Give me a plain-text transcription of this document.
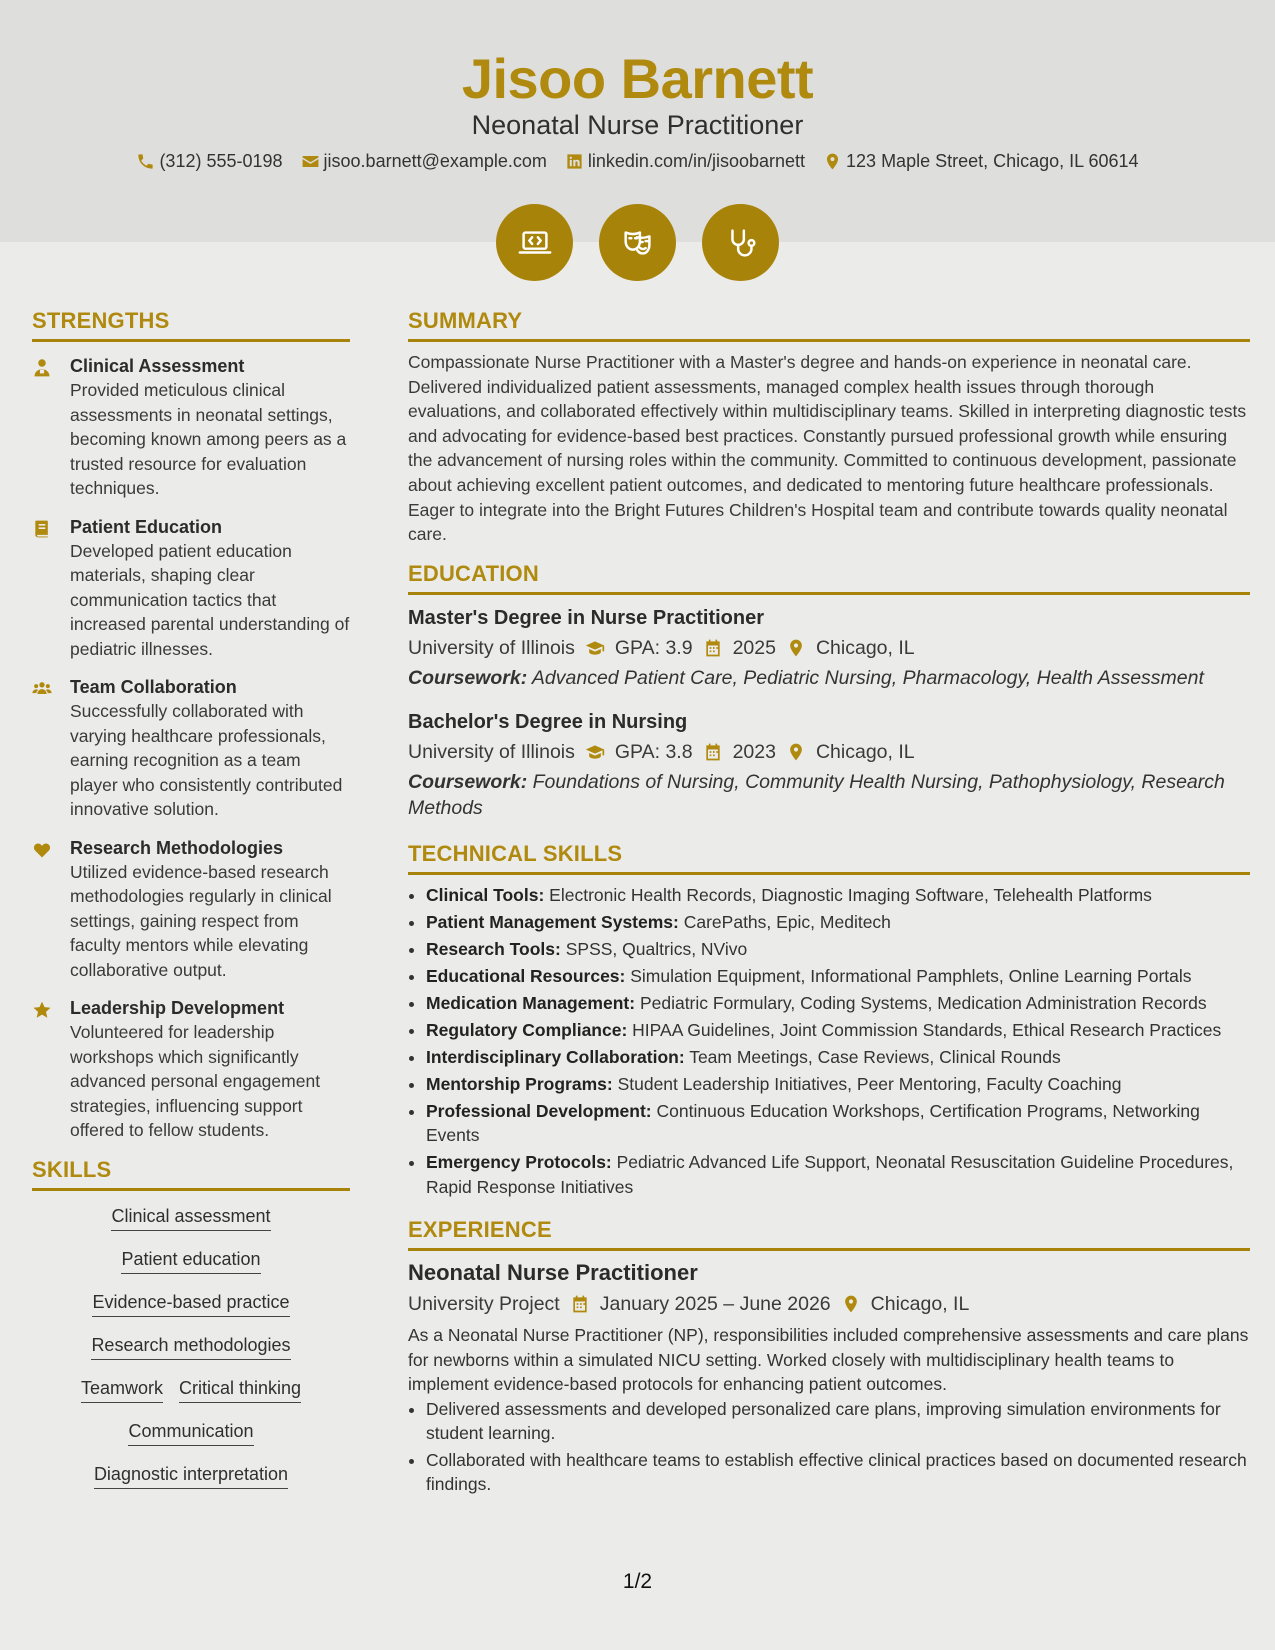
Jisoo Barnett
Neonatal Nurse Practitioner
(312) 555-0198 jisoo.barnett@example.com linkedin.com/in/jisoobarnett 123 Maple Street, Chicago, IL 60614
STRENGTHS
Clinical Assessment
Provided meticulous clinical assessments in neonatal settings, becoming known among peers as a trusted resource for evaluation techniques.
Patient Education
Developed patient education materials, shaping clear communication tactics that increased parental understanding of pediatric illnesses.
Team Collaboration
Successfully collaborated with varying healthcare professionals, earning recognition as a team player who consistently contributed innovative solution.
Research Methodologies
Utilized evidence-based research methodologies regularly in clinical settings, gaining respect from faculty mentors while elevating collaborative output.
Leadership Development
Volunteered for leadership workshops which significantly advanced personal engagement strategies, influencing support offered to fellow students.
SKILLS
Clinical assessment
Patient education
Evidence-based practice
Research methodologies
Teamwork Critical thinking
Communication
Diagnostic interpretation
SUMMARY
Compassionate Nurse Practitioner with a Master's degree and hands-on experience in neonatal care. Delivered individualized patient assessments, managed complex health issues through thorough evaluations, and collaborated effectively within multidisciplinary teams. Skilled in interpreting diagnostic tests and advocating for evidence-based best practices. Constantly pursued professional growth while ensuring the advancement of nursing roles within the community. Committed to continuous development, passionate about achieving excellent patient outcomes, and dedicated to mentoring future healthcare professionals. Eager to integrate into the Bright Futures Children's Hospital team and contribute towards quality neonatal care.
EDUCATION
Master's Degree in Nurse Practitioner
University of Illinois GPA: 3.9 2025 Chicago, IL
Coursework: Advanced Patient Care, Pediatric Nursing, Pharmacology, Health Assessment
Bachelor's Degree in Nursing
University of Illinois GPA: 3.8 2023 Chicago, IL
Coursework: Foundations of Nursing, Community Health Nursing, Pathophysiology, Research Methods
TECHNICAL SKILLS
• Clinical Tools: Electronic Health Records, Diagnostic Imaging Software, Telehealth Platforms
• Patient Management Systems: CarePaths, Epic, Meditech
• Research Tools: SPSS, Qualtrics, NVivo
• Educational Resources: Simulation Equipment, Informational Pamphlets, Online Learning Portals
• Medication Management: Pediatric Formulary, Coding Systems, Medication Administration Records
• Regulatory Compliance: HIPAA Guidelines, Joint Commission Standards, Ethical Research Practices
• Interdisciplinary Collaboration: Team Meetings, Case Reviews, Clinical Rounds
• Mentorship Programs: Student Leadership Initiatives, Peer Mentoring, Faculty Coaching
• Professional Development: Continuous Education Workshops, Certification Programs, Networking Events
• Emergency Protocols: Pediatric Advanced Life Support, Neonatal Resuscitation Guideline Procedures, Rapid Response Initiatives
EXPERIENCE
Neonatal Nurse Practitioner
University Project January 2025 – June 2026 Chicago, IL
As a Neonatal Nurse Practitioner (NP), responsibilities included comprehensive assessments and care plans for newborns within a simulated NICU setting. Worked closely with multidisciplinary health teams to implement evidence-based protocols for enhancing patient outcomes.
• Delivered assessments and developed personalized care plans, improving simulation environments for student learning.
• Collaborated with healthcare teams to establish effective clinical practices based on documented research findings.
1/2
